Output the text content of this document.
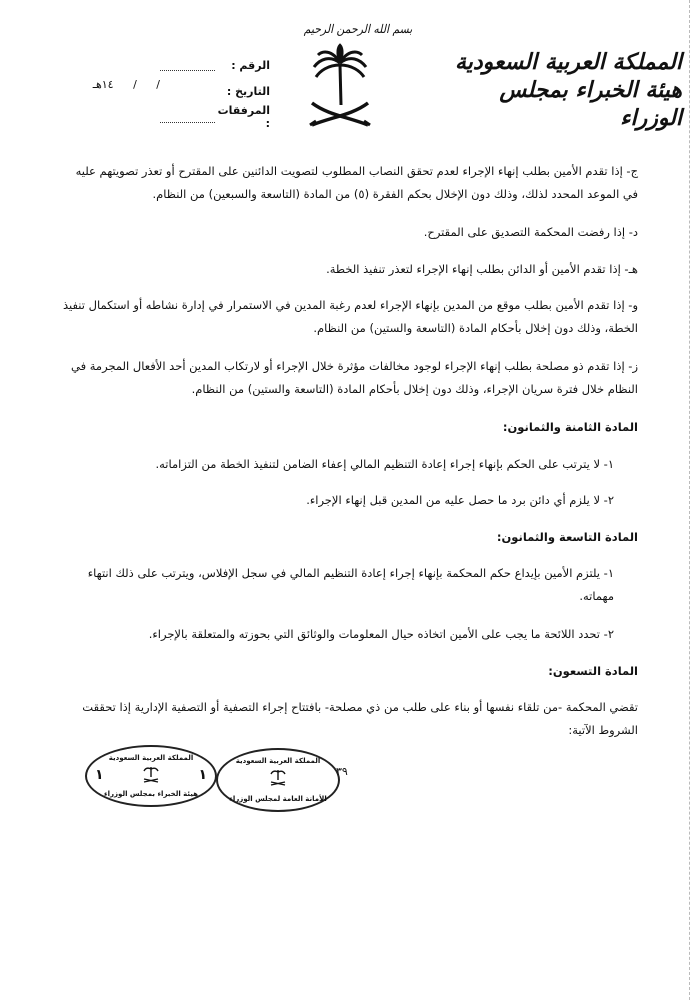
بسم الله الرحمن الرحيم
المملكة العربية السعودية
هيئة الخبراء بمجلس الوزراء
الرقم :
التاريخ :
المرفقات :
/ / ١٤هـ

ج- إذا تقدم الأمين بطلب إنهاء الإجراء لعدم تحقق النصاب المطلوب لتصويت الدائنين على المقترح أو تعذر تصويتهم عليه في الموعد المحدد لذلك، وذلك دون الإخلال بحكم الفقرة (٥) من المادة (التاسعة والسبعين) من النظام.

د- إذا رفضت المحكمة التصديق على المقترح.

هـ- إذا تقدم الأمين أو الدائن بطلب إنهاء الإجراء لتعذر تنفيذ الخطة.

و- إذا تقدم الأمين بطلب موقع من المدين بإنهاء الإجراء لعدم رغبة المدين في الاستمرار في إدارة نشاطه أو استكمال تنفيذ الخطة، وذلك دون إخلال بأحكام المادة (التاسعة والستين) من النظام.

ز- إذا تقدم ذو مصلحة بطلب إنهاء الإجراء لوجود مخالفات مؤثرة خلال الإجراء أو لارتكاب المدين أحد الأفعال المجرمة في النظام خلال فترة سريان الإجراء، وذلك دون إخلال بأحكام المادة (التاسعة والستين) من النظام.

المادة الثامنة والثمانون:

١- لا يترتب على الحكم بإنهاء إجراء إعادة التنظيم المالي إعفاء الضامن لتنفيذ الخطة من التزاماته.

٢- لا يلزم أي دائن برد ما حصل عليه من المدين قبل إنهاء الإجراء.

المادة التاسعة والثمانون:

١- يلتزم الأمين بإيداع حكم المحكمة بإنهاء إجراء إعادة التنظيم المالي في سجل الإفلاس، ويترتب على ذلك انتهاء مهماته.

٢- تحدد اللائحة ما يجب على الأمين اتخاذه حيال المعلومات والوثائق التي بحوزته والمتعلقة بالإجراء.

المادة التسعون:

تقضي المحكمة -من تلقاء نفسها أو بناء على طلب من ذي مصلحة- بافتتاح إجراء التصفية أو التصفية الإدارية إذا تحققت الشروط الآتية:

المملكة العربية السعودية
١	١
هيئة الخبراء بمجلس الوزراء
المملكة العربية السعودية
الأمانة العامة لمجلس الوزراء
٣٩
